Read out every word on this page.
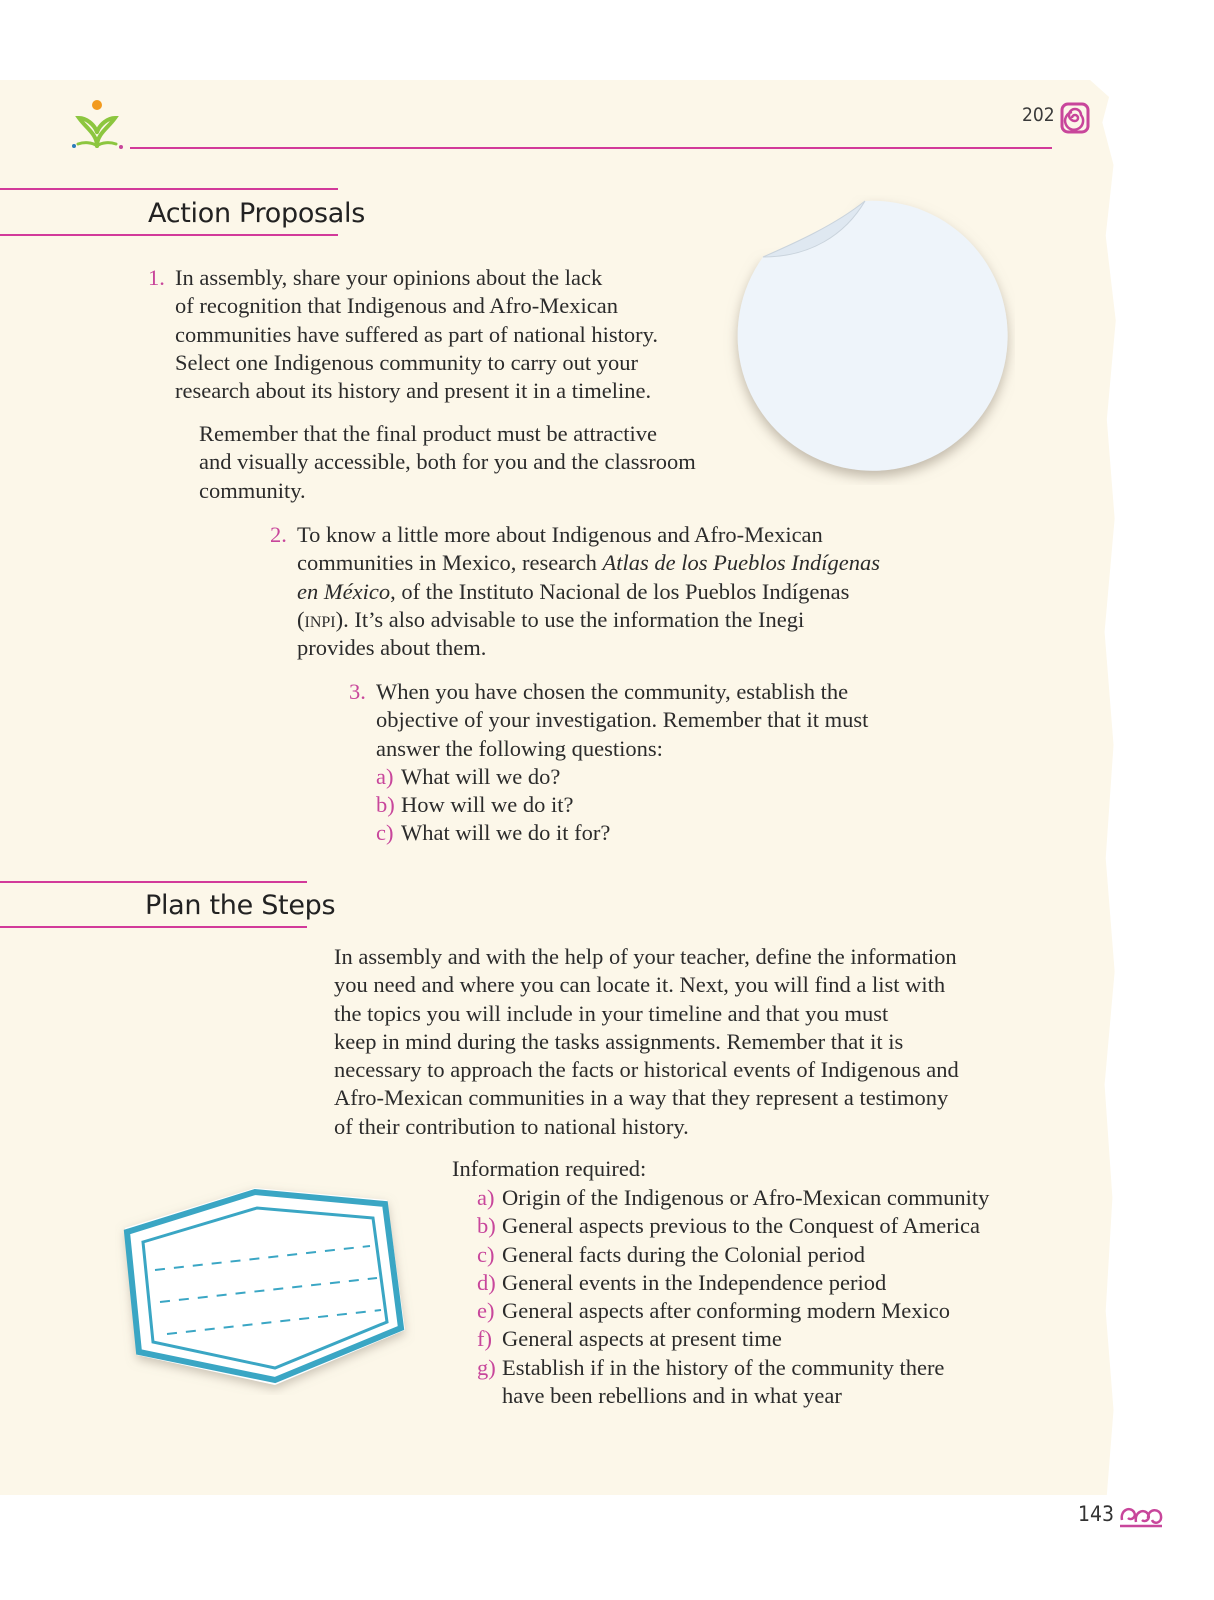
202
Action Proposals
1. In assembly, share your opinions about the lack
of recognition that Indigenous and Afro-Mexican
communities have suffered as part of national history.
Select one Indigenous community to carry out your
research about its history and present it in a timeline.
Remember that the final product must be attractive
and visually accessible, both for you and the classroom
community.
2. To know a little more about Indigenous and Afro-Mexican
communities in Mexico, research Atlas de los Pueblos Indígenas
en México, of the Instituto Nacional de los Pueblos Indígenas
(inpi). It’s also advisable to use the information the Inegi
provides about them.
3. When you have chosen the community, establish the
objective of your investigation. Remember that it must
answer the following questions:
a) What will we do?
b) How will we do it?
c) What will we do it for?
Plan the Steps
In assembly and with the help of your teacher, define the information
you need and where you can locate it. Next, you will find a list with
the topics you will include in your timeline and that you must
keep in mind during the tasks assignments. Remember that it is
necessary to approach the facts or historical events of Indigenous and
Afro-Mexican communities in a way that they represent a testimony
of their contribution to national history.
Information required:
a) Origin of the Indigenous or Afro-Mexican community
b) General aspects previous to the Conquest of America
c) General facts during the Colonial period
d) General events in the Independence period
e) General aspects after conforming modern Mexico
f) General aspects at present time
g) Establish if in the history of the community there
have been rebellions and in what year
143
